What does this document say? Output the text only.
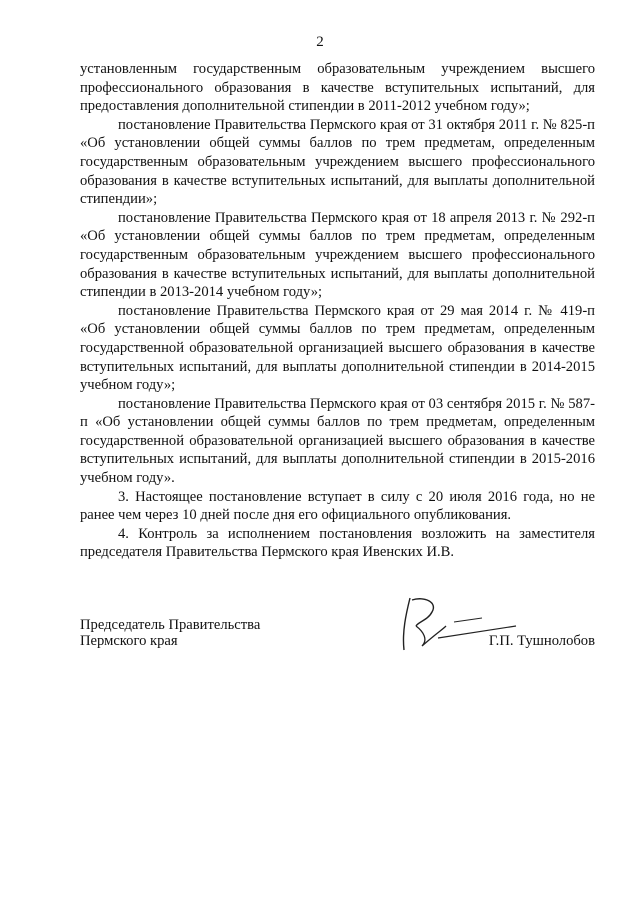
2

установленным государственным образовательным учреждением высшего профессионального образования в качестве вступительных испытаний, для предоставления дополнительной стипендии в 2011-2012 учебном году»;

постановление Правительства Пермского края от 31 октября 2011 г. № 825-п «Об установлении общей суммы баллов по трем предметам, определенным государственным образовательным учреждением высшего профессионального образования в качестве вступительных испытаний, для выплаты дополнительной стипендии»;

постановление Правительства Пермского края от 18 апреля 2013 г. № 292-п «Об установлении общей суммы баллов по трем предметам, определенным государственным образовательным учреждением высшего профессионального образования в качестве вступительных испытаний, для выплаты дополнительной стипендии в 2013-2014 учебном году»;

постановление Правительства Пермского края от 29 мая 2014 г. № 419-п «Об установлении общей суммы баллов по трем предметам, определенным государственной образовательной организацией высшего образования в качестве вступительных испытаний, для выплаты дополнительной стипендии в 2014-2015 учебном году»;

постановление Правительства Пермского края от 03 сентября 2015 г. № 587-п «Об установлении общей суммы баллов по трем предметам, определенным государственной образовательной организацией высшего образования в качестве вступительных испытаний, для выплаты дополнительной стипендии в 2015-2016 учебном году».

3. Настоящее постановление вступает в силу с 20 июля 2016 года, но не ранее чем через 10 дней после дня его официального опубликования.

4. Контроль за исполнением постановления возложить на заместителя председателя Правительства Пермского края Ивенских И.В.

Председатель Правительства
Пермского края	Г.П. Тушнолобов
